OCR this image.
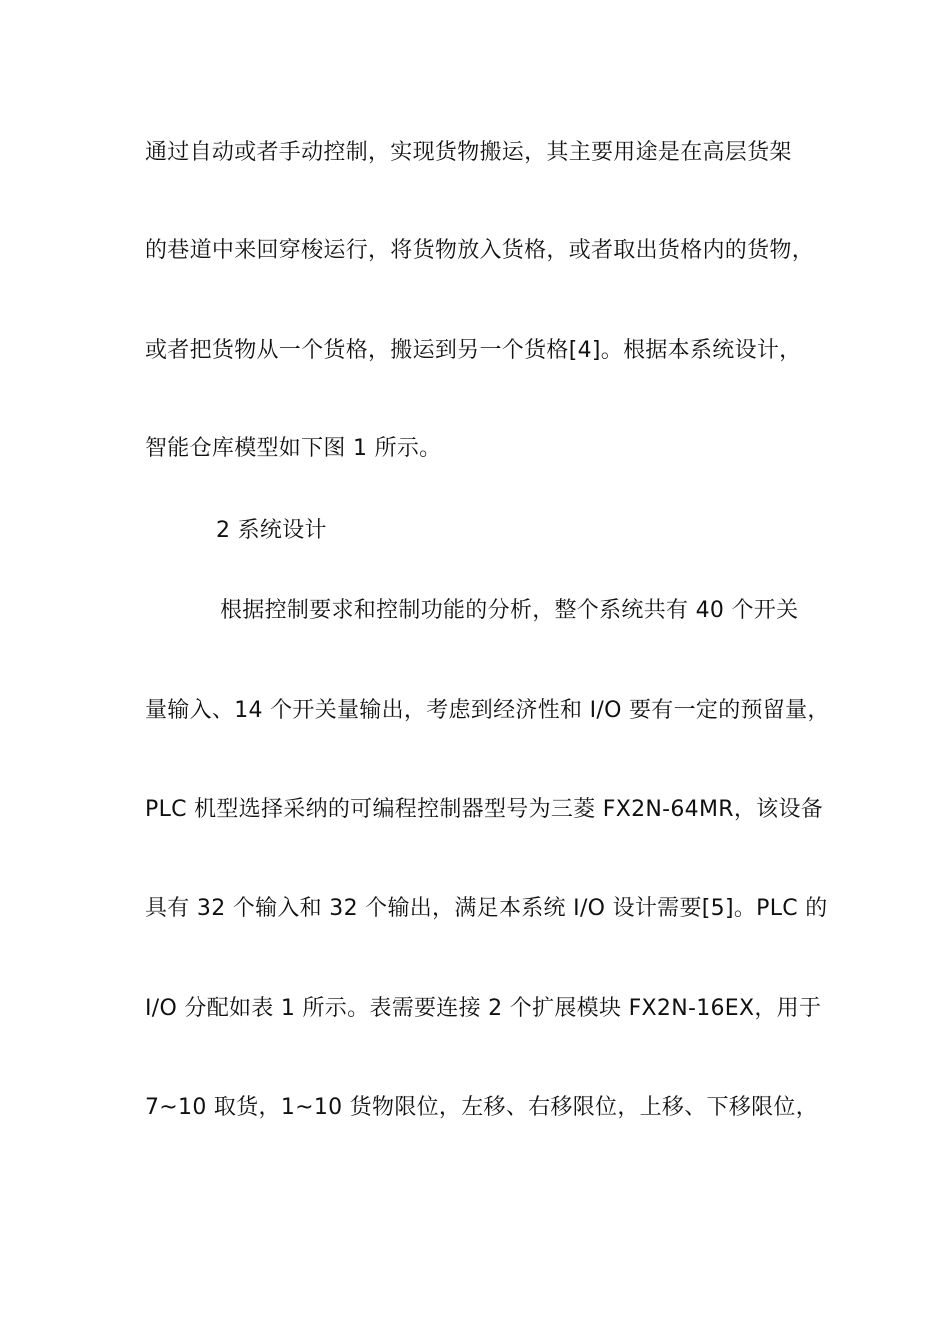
通过自动或者手动控制，实现货物搬运，其主要用途是在高层货架
的巷道中来回穿梭运行，将货物放入货格，或者取出货格内的货物，
或者把货物从一个货格，搬运到另一个货格[4]。根据本系统设计，
智能仓库模型如下图 1 所示。
2 系统设计
根据控制要求和控制功能的分析，整个系统共有 40 个开关
量输入、14 个开关量输出，考虑到经济性和 I/O 要有一定的预留量，
PLC 机型选择采纳的可编程控制器型号为三菱 FX2N-64MR，该设备
具有 32 个输入和 32 个输出，满足本系统 I/O 设计需要[5]。PLC 的
I/O 分配如表 1 所示。表需要连接 2 个扩展模块 FX2N-16EX，用于
7~10 取货，1~10 货物限位，左移、右移限位，上移、下移限位，
